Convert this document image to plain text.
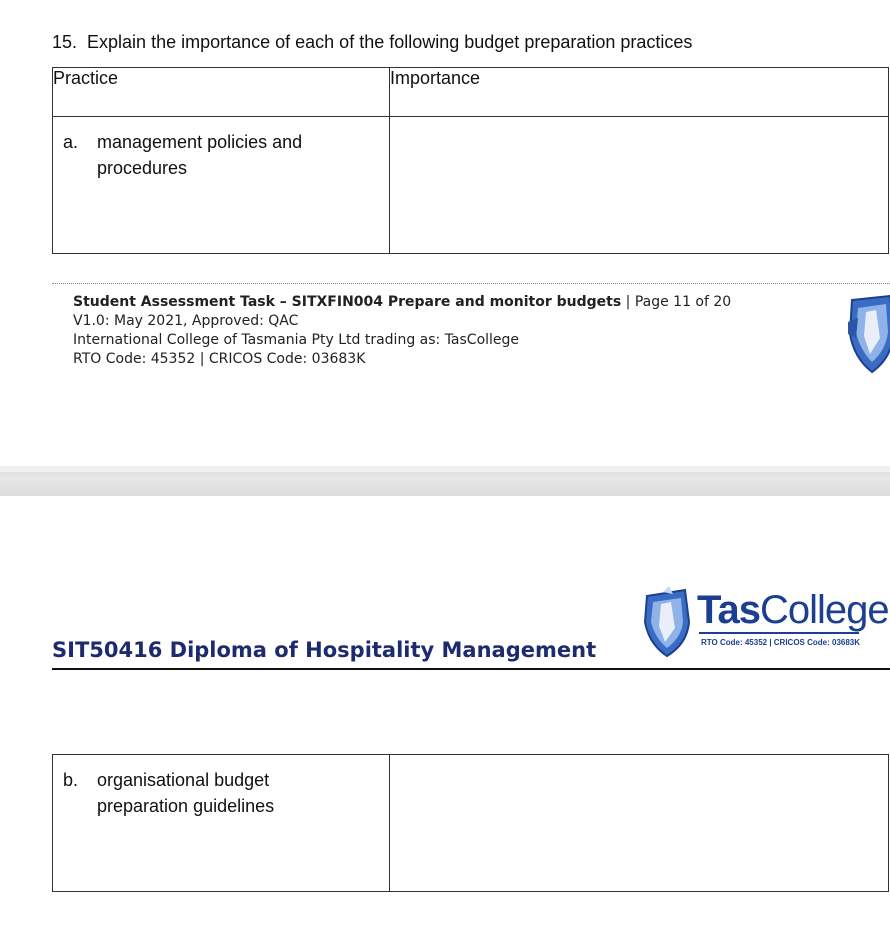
15. Explain the importance of each of the following budget preparation practices
Practice	Importance

a. management policies and procedures	

Student Assessment Task – SITXFIN004 Prepare and monitor budgets | Page 11 of 20
V1.0: May 2021, Approved: QAC
International College of Tasmania Pty Ltd trading as: TasCollege
RTO Code: 45352 | CRICOS Code: 03683K
SIT50416 Diploma of Hospitality Management
TasCollege
RTO Code: 45352 | CRICOS Code: 03683K
b.	organisational budget preparation guidelines
